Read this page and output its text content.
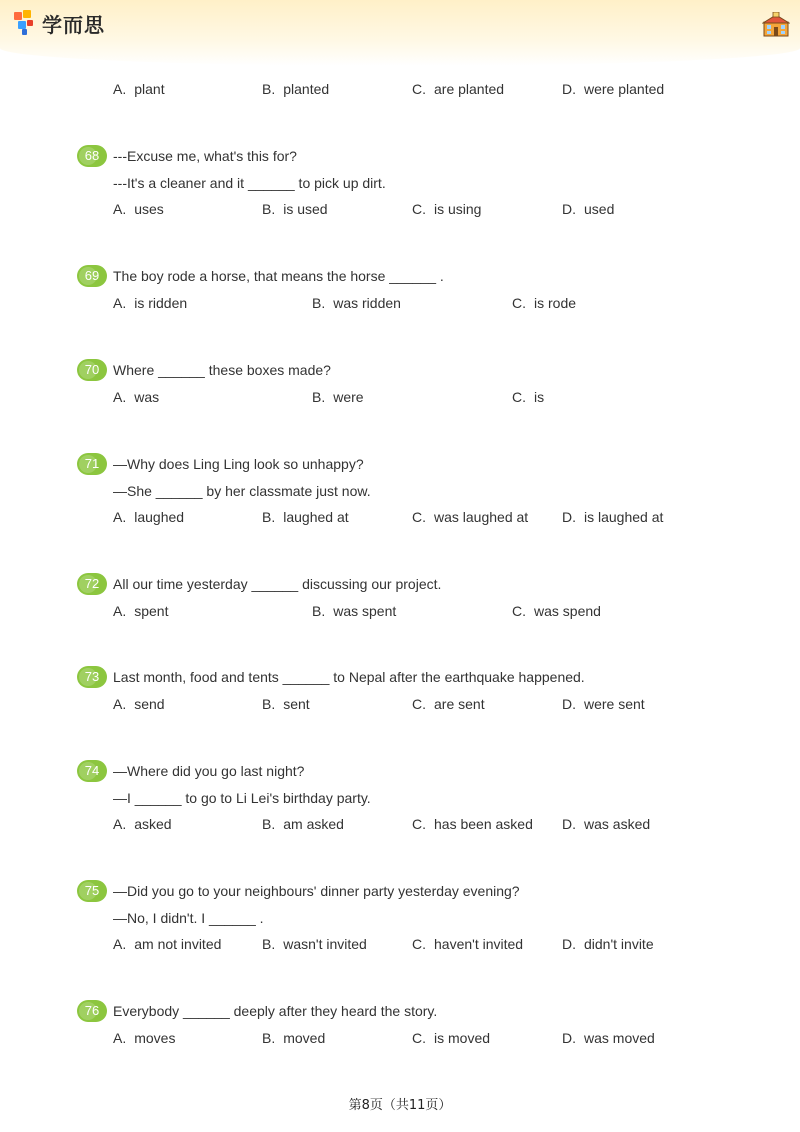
学而思
A. plant	B. planted	C. are planted	D. were planted
68 ---Excuse me, what's this for?
---It's a cleaner and it ______ to pick up dirt.
A. uses	B. is used	C. is using	D. used
69 The boy rode a horse, that means the horse ______ .
A. is ridden	B. was ridden	C. is rode
70 Where ______ these boxes made?
A. was	B. were	C. is
71 —Why does Ling Ling look so unhappy?
—She ______ by her classmate just now.
A. laughed	B. laughed at	C. was laughed at D. is laughed at
72 All our time yesterday ______ discussing our project.
A. spent	B. was spent	C. was spend
73 Last month, food and tents ______ to Nepal after the earthquake happened.
A. send	B. sent	C. are sent	D. were sent
74 —Where did you go last night?
—I ______ to go to Li Lei's birthday party.
A. asked	B. am asked	C. has been asked D. was asked
75 —Did you go to your neighbours' dinner party yesterday evening?
—No, I didn't. I ______ .
A. am not invited	B. wasn't invited	C. haven't invited	D. didn't invite
76 Everybody ______ deeply after they heard the story.
A. moves	B. moved	C. is moved	D. was moved
第8页（共11页）
